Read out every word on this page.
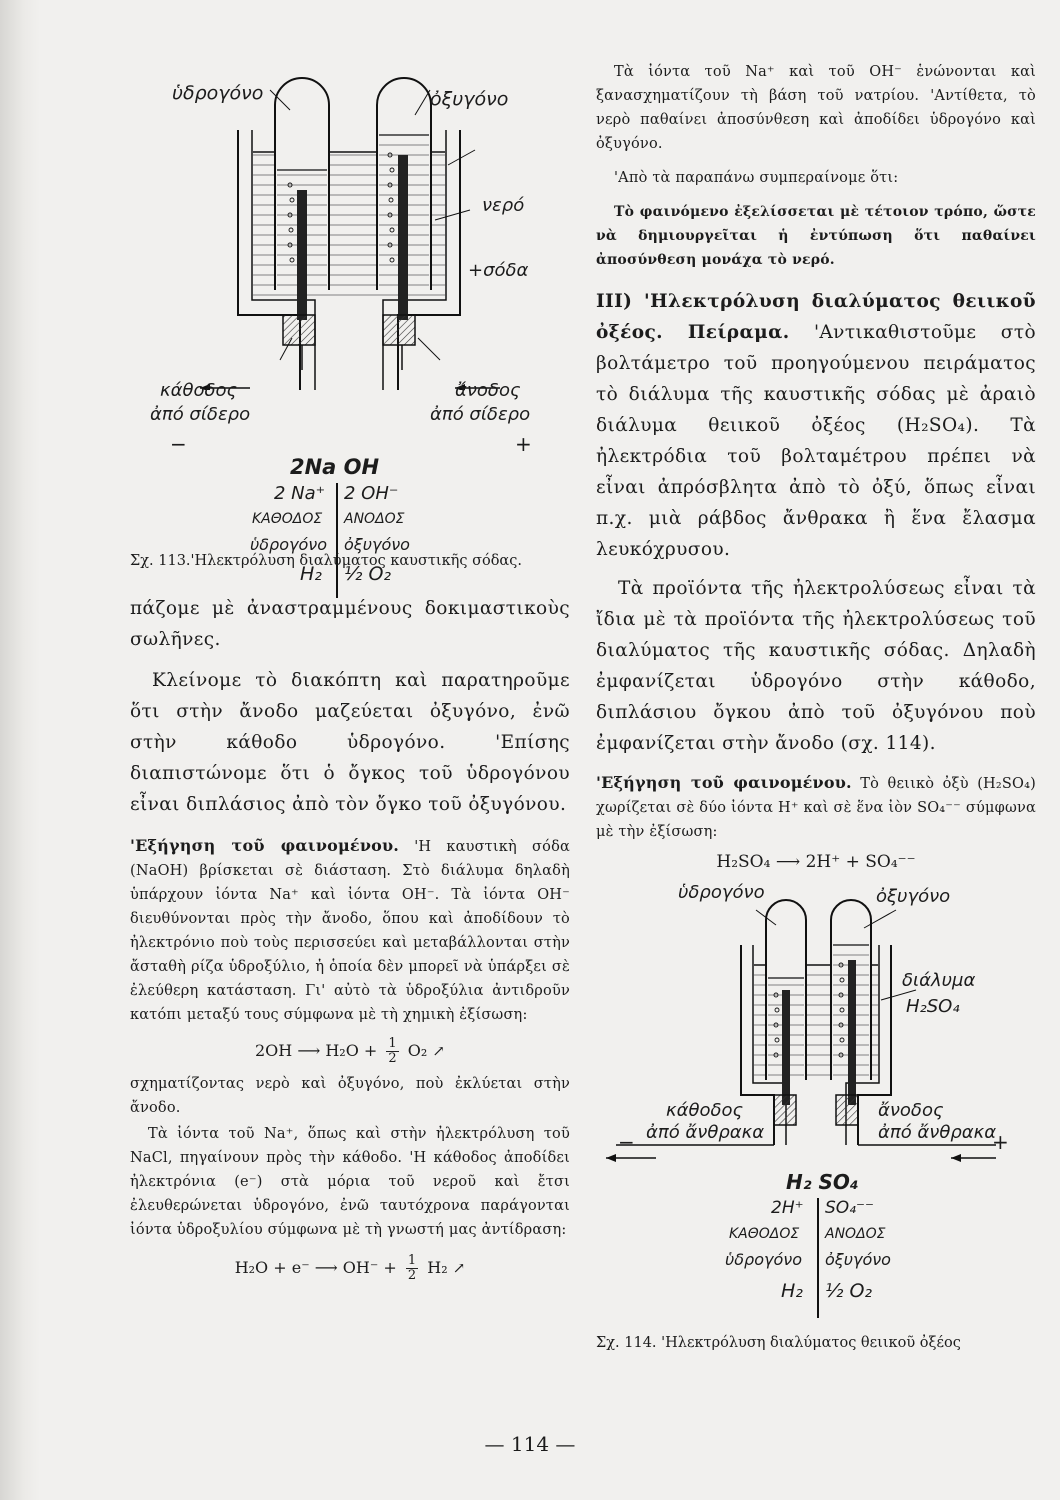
ὑδρογόνο	ὀξυγόνο
νερό
+σόδα
κάθοδος
ἀπό σίδερο
ἄνοδος
ἀπό σίδερο
−	+
2Na OH
2 Na⁺ 2 OH⁻
ΚΑΘΟΔΟΣ ΑΝΟΔΟΣ
ὑδρογόνο ὀξυγόνο
H₂ ½ O₂

Σχ. 113.'Ηλεκτρόλυση διαλύματος καυστικῆς σόδας.

πάζομε μὲ ἀναστραμμένους δοκιμαστικοὺς σωλῆνες.

Κλείνομε τὸ διακόπτη καὶ παρατηροῦμε ὅτι στὴν ἄνοδο μαζεύεται ὀξυγόνο, ἐνῶ στὴν κάθοδο ὑδρογόνο. 'Επίσης διαπιστώνομε ὅτι ὁ ὄγκος τοῦ ὑδρογόνου εἶναι διπλάσιος ἀπὸ τὸν ὄγκο τοῦ ὀξυγόνου.

'Εξήγηση τοῦ φαινομένου. 'Η καυστικὴ σόδα (NaOH) βρίσκεται σὲ διάσταση. Στὸ διάλυμα δηλαδὴ ὑπάρχουν ἰόντα Na⁺ καὶ ἰόντα OH⁻. Τὰ ἰόντα OH⁻ διευθύνονται πρὸς τὴν ἄνοδο, ὅπου καὶ ἀποδίδουν τὸ ἠλεκτρόνιο ποὺ τοὺς περισσεύει καὶ μεταβάλλονται στὴν ἄσταθὴ ρίζα ὑδροξύλιο, ἡ ὁποία δὲν μπορεῖ νὰ ὑπάρξει σὲ ἐλεύθερη κατάσταση. Γι' αὐτὸ τὰ ὑδροξύλια ἀντιδροῦν κατόπι μεταξύ τους σύμφωνα μὲ τὴ χημικὴ ἐξίσωση:

2OH ⟶ $H_2O + \frac{1}{2} O_2$ ↗

σχηματίζοντας νερὸ καὶ ὀξυγόνο, ποὺ ἐκλύεται στὴν ἄνοδο.

Τὰ ἰόντα τοῦ Na⁺, ὅπως καὶ στὴν ἠλεκτρόλυση τοῦ NaCl, πηγαίνουν πρὸς τὴν κάθοδο. 'Η κάθοδος ἀποδίδει ἠλεκτρόνια (e⁻) στὰ μόρια τοῦ νεροῦ καὶ ἔτσι ἐλευθερώνεται ὑδρογόνο, ἐνῶ ταυτόχρονα παράγονται ἰόντα ὑδροξυλίου σύμφωνα μὲ τὴ γνωστή μας ἀντίδραση:

H₂O + e⁻ ⟶ $OH^- + \frac{1}{2} H_2$ ↗

Τὰ ἰόντα τοῦ Na⁺ καὶ τοῦ OH⁻ ἑνώνονται καὶ ξανασχηματίζουν τὴ βάση τοῦ νατρίου. 'Αντίθετα, τὸ νερὸ παθαίνει ἀποσύνθεση καὶ ἀποδίδει ὑδρογόνο καὶ ὀξυγόνο.

'Απὸ τὰ παραπάνω συμπεραίνομε ὅτι:

Τὸ φαινόμενο ἐξελίσσεται μὲ τέτοιον τρόπο, ὥστε νὰ δημιουργεῖται ἡ ἐντύπωση ὅτι παθαίνει ἀποσύνθεση μονάχα τὸ νερό.

III) 'Ηλεκτρόλυση διαλύματος θειικοῦ ὀξέος. Πείραμα. 'Αντικαθιστοῦμε στὸ βολτάμετρο τοῦ προηγούμενου πειράματος τὸ διάλυμα τῆς καυστικῆς σόδας μὲ ἀραιὸ διάλυμα θειικοῦ ὀξέος (H₂SO₄). Τὰ ἠλεκτρόδια τοῦ βολταμέτρου πρέπει νὰ εἶναι ἀπρόσβλητα ἀπὸ τὸ ὀξύ, ὅπως εἶναι π.χ. μιὰ ράβδος ἄνθρακα ἢ ἕνα ἔλασμα λευκόχρυσου.

Τὰ προϊόντα τῆς ἠλεκτρολύσεως εἶναι τὰ ἴδια μὲ τὰ προϊόντα τῆς ἠλεκτρολύσεως τοῦ διαλύματος τῆς καυστικῆς σόδας. Δηλαδὴ ἐμφανίζεται ὑδρογόνο στὴν κάθοδο, διπλάσιου ὄγκου ἀπὸ τοῦ ὀξυγόνου ποὺ ἐμφανίζεται στὴν ἄνοδο (σχ. 114).

'Εξήγηση τοῦ φαινομένου. Τὸ θειικὸ ὀξὺ (H₂SO₄) χωρίζεται σὲ δύο ἰόντα H⁺ καὶ σὲ ἕνα ἰὸν SO₄⁻⁻ σύμφωνα μὲ τὴν ἐξίσωση:

H₂SO₄ ⟶ 2H⁺ + SO₄⁻⁻

ὑδρογόνο	ὀξυγόνο
διάλυμα
H₂SO₄
κάθοδος
ἀπό ἄνθρακα
ἄνοδος
ἀπό ἄνθρακα
−	+
H₂ SO₄
2H⁺ SO₄⁻⁻
ΚΑΘΟΔΟΣ ΑΝΟΔΟΣ
ὑδρογόνο ὀξυγόνο
H₂ ½ O₂

Σχ. 114. 'Ηλεκτρόλυση διαλύματος θειικοῦ ὀξέος

— 114 —
